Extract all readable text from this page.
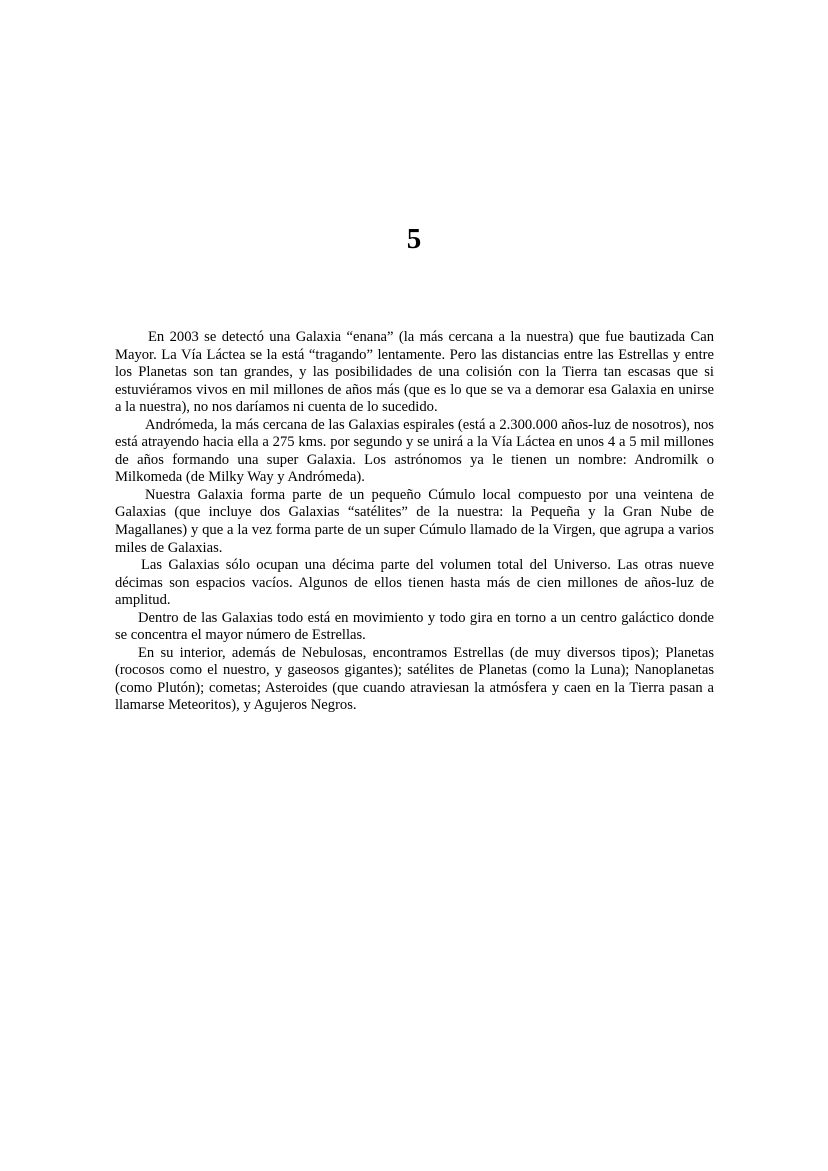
5

En 2003 se detectó una Galaxia “enana” (la más cercana a la nuestra) que fue bautizada Can Mayor. La Vía Láctea se la está “tragando” lentamente. Pero las distancias entre las Estrellas y entre los Planetas son tan grandes, y las posibilidades de una colisión con la Tierra tan escasas que si estuviéramos vivos en mil millones de años más (que es lo que se va a demorar esa Galaxia en unirse a la nuestra), no nos daríamos ni cuenta de lo sucedido.

Andrómeda, la más cercana de las Galaxias espirales (está a 2.300.000 años-luz de nosotros), nos está atrayendo hacia ella a 275 kms. por segundo y se unirá a la Vía Láctea en unos 4 a 5 mil millones de años formando una super Galaxia. Los astrónomos ya le tienen un nombre: Andromilk o Milkomeda (de Milky Way y Andrómeda).

Nuestra Galaxia forma parte de un pequeño Cúmulo local compuesto por una veintena de Galaxias (que incluye dos Galaxias “satélites” de la nuestra: la Pequeña y la Gran Nube de Magallanes) y que a la vez forma parte de un super Cúmulo llamado de la Virgen, que agrupa a varios miles de Galaxias.

Las Galaxias sólo ocupan una décima parte del volumen total del Universo. Las otras nueve décimas son espacios vacíos. Algunos de ellos tienen hasta más de cien millones de años-luz de amplitud.

Dentro de las Galaxias todo está en movimiento y todo gira en torno a un centro galáctico donde se concentra el mayor número de Estrellas.

En su interior, además de Nebulosas, encontramos Estrellas (de muy diversos tipos); Planetas (rocosos como el nuestro, y gaseosos gigantes); satélites de Planetas (como la Luna); Nanoplanetas (como Plutón); cometas; Asteroides (que cuando atraviesan la atmósfera y caen en la Tierra pasan a llamarse Meteoritos), y Agujeros Negros.
